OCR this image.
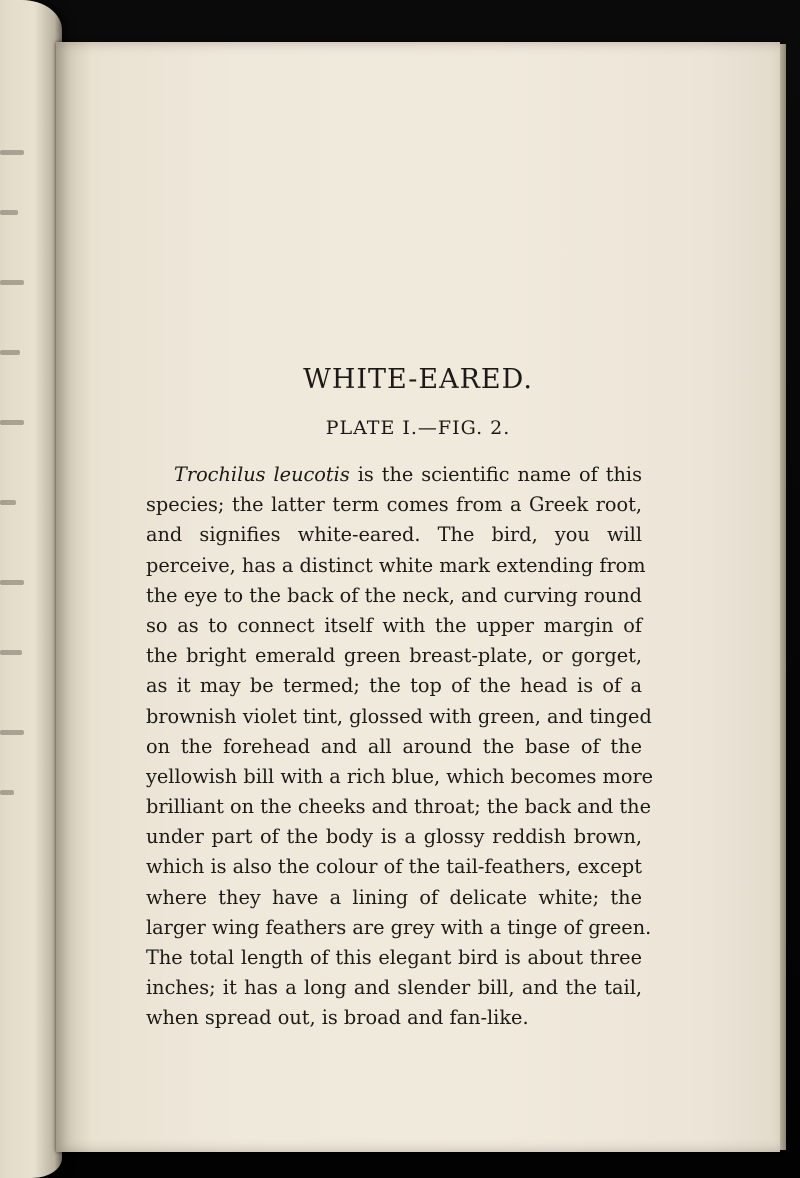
WHITE-EARED.
PLATE I.—FIG. 2.
Trochilus leucotis is the scientific name of this
species; the latter term comes from a Greek root,
and signifies white-eared. The bird, you will
perceive, has a distinct white mark extending from
the eye to the back of the neck, and curving round
so as to connect itself with the upper margin of
the bright emerald green breast-plate, or gorget,
as it may be termed; the top of the head is of a
brownish violet tint, glossed with green, and tinged
on the forehead and all around the base of the
yellowish bill with a rich blue, which becomes more
brilliant on the cheeks and throat; the back and the
under part of the body is a glossy reddish brown,
which is also the colour of the tail-feathers, except
where they have a lining of delicate white; the
larger wing feathers are grey with a tinge of green.
The total length of this elegant bird is about three
inches; it has a long and slender bill, and the tail,
when spread out, is broad and fan-like.
